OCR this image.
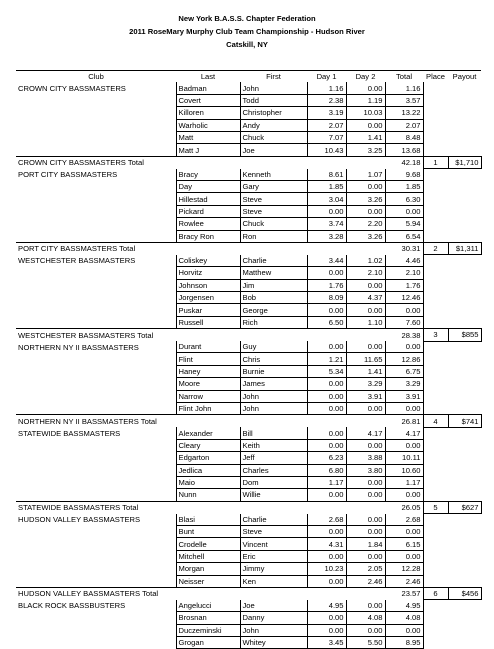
New York B.A.S.S. Chapter Federation
2011 RoseMary Murphy Club Team Championship - Hudson River
Catskill, NY
Club	Last	First	Day 1	Day 2	Total	Place	Payout
CROWN CITY BASSMASTERS	Badman	John	1.16	0.00	1.16		
	Covert	Todd	2.38	1.19	3.57		
	Killoren	Christopher	3.19	10.03	13.22		
	Warholic	Andy	2.07	0.00	2.07		
	Matt	Chuck	7.07	1.41	8.48		
	Matt J	Joe	10.43	3.25	13.68		
CROWN CITY BASSMASTERS Total					42.18	1	$1,710
PORT CITY BASSMASTERS	Bracy	Kenneth	8.61	1.07	9.68		
	Day	Gary	1.85	0.00	1.85		
	Hillestad	Steve	3.04	3.26	6.30		
	Pickard	Steve	0.00	0.00	0.00		
	Rowlee	Chuck	3.74	2.20	5.94		
	Bracy Ron	Ron	3.28	3.26	6.54		
PORT CITY BASSMASTERS Total					30.31	2	$1,311
WESTCHESTER BASSMASTERS	Coliskey	Charlie	3.44	1.02	4.46		
	Horvitz	Matthew	0.00	2.10	2.10		
	Johnson	Jim	1.76	0.00	1.76		
	Jorgensen	Bob	8.09	4.37	12.46		
	Puskar	George	0.00	0.00	0.00		
	Russell	Rich	6.50	1.10	7.60		
WESTCHESTER BASSMASTERS Total					28.38	3	$855
NORTHERN NY II BASSMASTERS	Durant	Guy	0.00	0.00	0.00		
	Flint	Chris	1.21	11.65	12.86		
	Haney	Burnie	5.34	1.41	6.75		
	Moore	James	0.00	3.29	3.29		
	Narrow	John	0.00	3.91	3.91		
	Flint John	John	0.00	0.00	0.00		
NORTHERN NY II BASSMASTERS Total					26.81	4	$741
STATEWIDE BASSMASTERS	Alexander	Bill	0.00	4.17	4.17		
	Cleary	Keith	0.00	0.00	0.00		
	Edgarton	Jeff	6.23	3.88	10.11		
	Jedlica	Charles	6.80	3.80	10.60		
	Maio	Dom	1.17	0.00	1.17		
	Nunn	Willie	0.00	0.00	0.00		
STATEWIDE BASSMASTERS Total					26.05	5	$627
HUDSON VALLEY BASSMASTERS	Blasi	Charlie	2.68	0.00	2.68		
	Bunt	Steve	0.00	0.00	0.00		
	Crodelle	Vincent	4.31	1.84	6.15		
	Mitchell	Eric	0.00	0.00	0.00		
	Morgan	Jimmy	10.23	2.05	12.28		
	Neisser	Ken	0.00	2.46	2.46		
HUDSON VALLEY BASSMASTERS Total					23.57	6	$456
BLACK ROCK BASSBUSTERS	Angelucci	Joe	4.95	0.00	4.95		
	Brosnan	Danny	0.00	4.08	4.08		
	Duczeminski	John	0.00	0.00	0.00		
	Grogan	Whitey	3.45	5.50	8.95		
